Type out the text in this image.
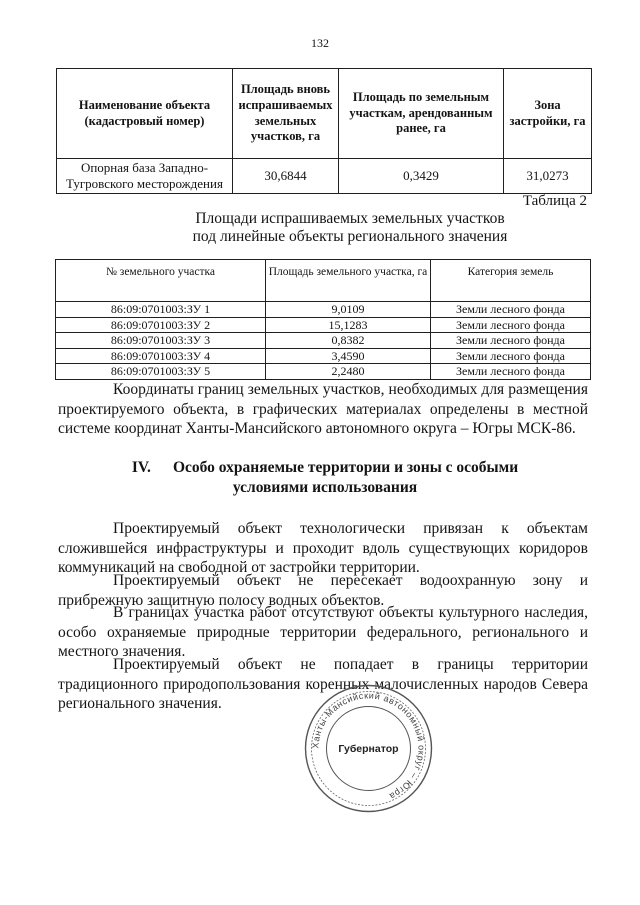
132
Наименование объекта (кадастровый номер)	Площадь вновь испрашиваемых земельных участков, га	Площадь по земельным участкам, арендованным ранее, га	Зона застройки, га
Опорная база Западно-Тугровского месторождения	30,6844	0,3429	31,0273
Таблица 2
Площади испрашиваемых земельных участков
под линейные объекты регионального значения
№ земельного участка	Площадь земельного участка, га	Категория земель
86:09:0701003:ЗУ 1	9,0109	Земли лесного фонда
86:09:0701003:ЗУ 2	15,1283	Земли лесного фонда
86:09:0701003:ЗУ 3	0,8382	Земли лесного фонда
86:09:0701003:ЗУ 4	3,4590	Земли лесного фонда
86:09:0701003:ЗУ 5	2,2480	Земли лесного фонда

Координаты границ земельных участков, необходимых для размещения проектируемого объекта, в графических материалах определены в местной системе координат Ханты-Мансийского автономного округа – Югры МСК-86.

IV. Особо охраняемые территории и зоны с особыми условиями использования

Проектируемый объект технологически привязан к объектам сложившейся инфраструктуры и проходит вдоль существующих коридоров коммуникаций на свободной от застройки территории.

Проектируемый объект не пересекает водоохранную зону и прибрежную защитную полосу водных объектов.

В границах участка работ отсутствуют объекты культурного наследия, особо охраняемые природные территории федерального, регионального и местного значения.

Проектируемый объект не попадает в границы территории традиционного природопользования коренных малочисленных народов Севера регионального значения.

Ханты-Мансийский автономный округ – Югра
Губернатор
